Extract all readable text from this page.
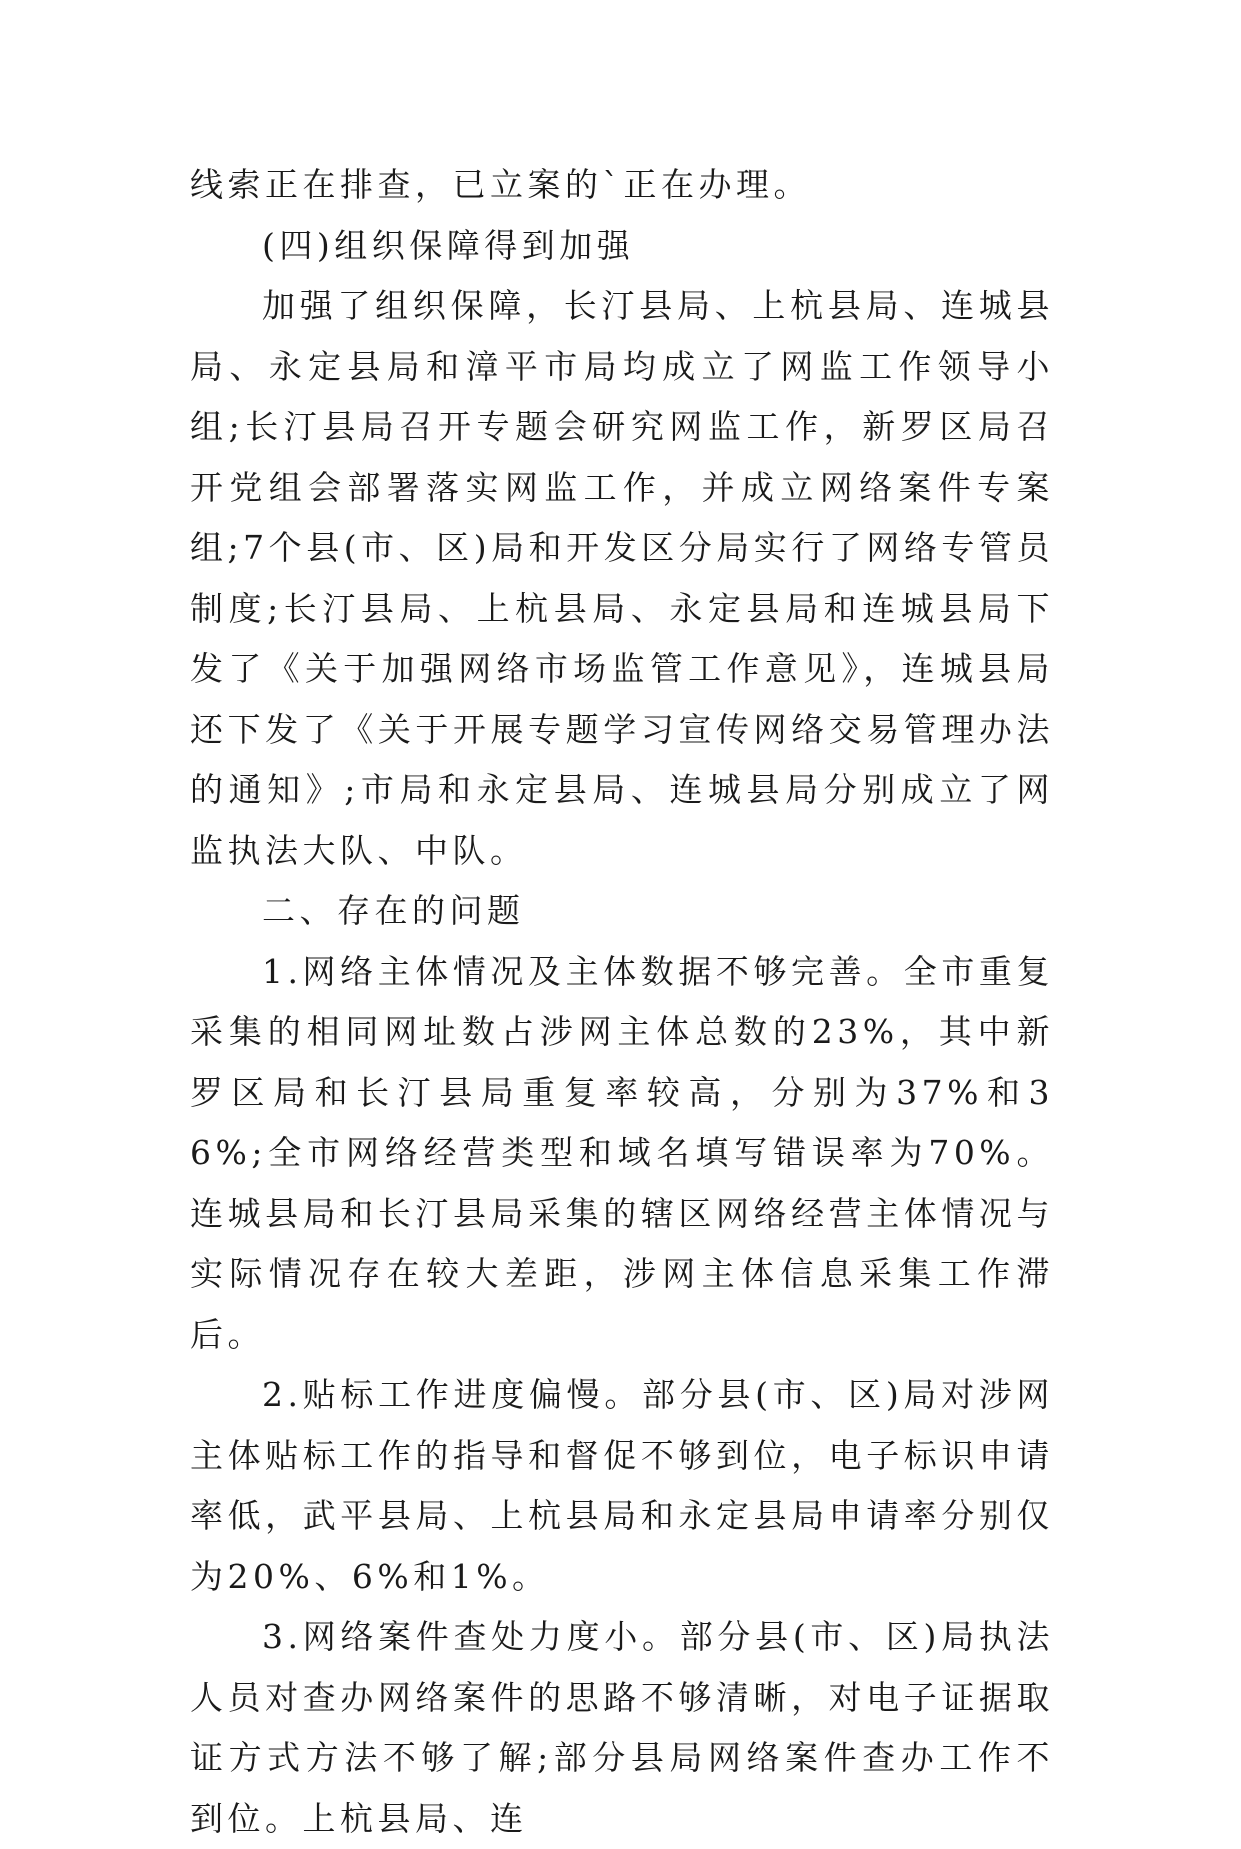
线索正在排查，已立案的`正在办理。

(四)组织保障得到加强

加强了组织保障，长汀县局、上杭县局、连城县局、永定县局和漳平市局均成立了网监工作领导小组;长汀县局召开专题会研究网监工作，新罗区局召开党组会部署落实网监工作，并成立网络案件专案组;7个县(市、区)局和开发区分局实行了网络专管员制度;长汀县局、上杭县局、永定县局和连城县局下发了《关于加强网络市场监管工作意见》，连城县局还下发了《关于开展专题学习宣传网络交易管理办法的通知》;市局和永定县局、连城县局分别成立了网监执法大队、中队。

二、存在的问题

1.网络主体情况及主体数据不够完善。全市重复采集的相同网址数占涉网主体总数的23%，其中新罗区局和长汀县局重复率较高，分别为37%和36%;全市网络经营类型和域名填写错误率为70%。连城县局和长汀县局采集的辖区网络经营主体情况与实际情况存在较大差距，涉网主体信息采集工作滞后。

2.贴标工作进度偏慢。部分县(市、区)局对涉网主体贴标工作的指导和督促不够到位，电子标识申请率低，武平县局、上杭县局和永定县局申请率分别仅为20%、6%和1%。

3.网络案件查处力度小。部分县(市、区)局执法人员对查办网络案件的思路不够清晰，对电子证据取证方式方法不够了解;部分县局网络案件查办工作不到位。上杭县局、连
